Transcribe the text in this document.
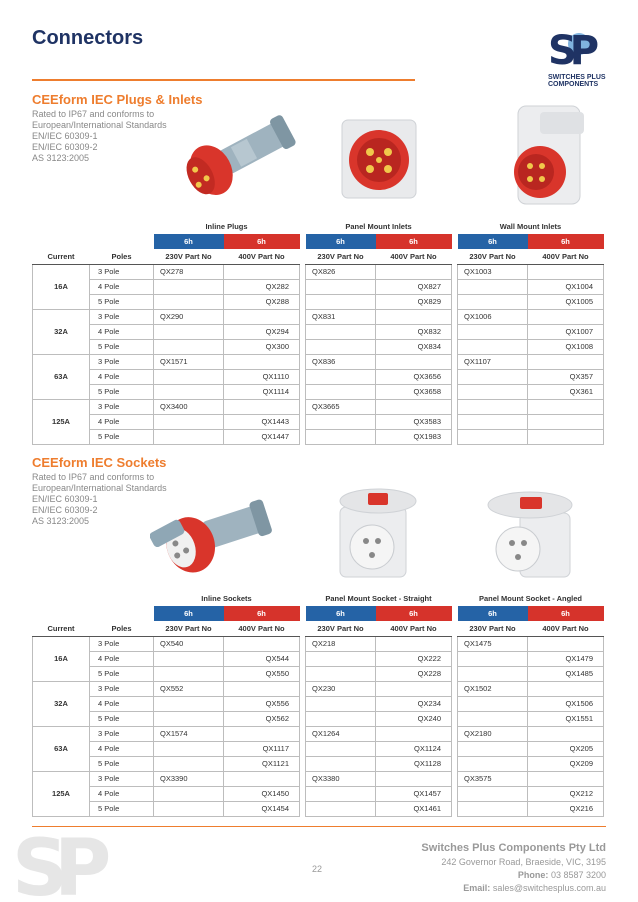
Connectors	SP
SWITCHES PLUS
COMPONENTS
CEEform IEC Plugs & Inlets
Rated to IP67 and conforms to
European/International Standards
EN/IEC 60309-1
EN/IEC 60309-2
AS 3123:2005
		Inline Plugs			Panel Mount Inlets			Wall Mount Inlets	
		6h	6h		6h	6h		6h	6h
Current	Poles	230V Part No	400V Part No		230V Part No	400V Part No		230V Part No	400V Part No
16A	3 Pole	QX278			QX826			QX1003	
	4 Pole		QX282			QX827			QX1004
	5 Pole		QX288			QX829			QX1005
32A	3 Pole	QX290			QX831			QX1006	
	4 Pole		QX294			QX832			QX1007
	5 Pole		QX300			QX834			QX1008
63A	3 Pole	QX1571			QX836			QX1107	
	4 Pole		QX1110			QX3656			QX357
	5 Pole		QX1114			QX3658			QX361
125A	3 Pole	QX3400			QX3665				
	4 Pole		QX1443			QX3583			
	5 Pole		QX1447			QX1983			
CEEform IEC Sockets
Rated to IP67 and conforms to
European/International Standards
EN/IEC 60309-1
EN/IEC 60309-2
AS 3123:2005
		Inline Sockets			Panel Mount Socket - Straight			Panel Mount Socket - Angled	
		6h	6h		6h	6h		6h	6h
Current	Poles	230V Part No	400V Part No		230V Part No	400V Part No		230V Part No	400V Part No
16A	3 Pole	QX540			QX218			QX1475	
	4 Pole		QX544			QX222			QX1479
	5 Pole		QX550			QX228			QX1485
32A	3 Pole	QX552			QX230			QX1502	
	4 Pole		QX556			QX234			QX1506
	5 Pole		QX562			QX240			QX1551
63A	3 Pole	QX1574			QX1264			QX2180	
	4 Pole		QX1117			QX1124			QX205
	5 Pole		QX1121			QX1128			QX209
125A	3 Pole	QX3390			QX3380			QX3575	
	4 Pole		QX1450			QX1457			QX212
	5 Pole		QX1454			QX1461			QX216
SP	22
Switches Plus Components Pty Ltd
242 Governor Road, Braeside, VIC, 3195
Phone: 03 8587 3200
Email: sales@switchesplus.com.au
